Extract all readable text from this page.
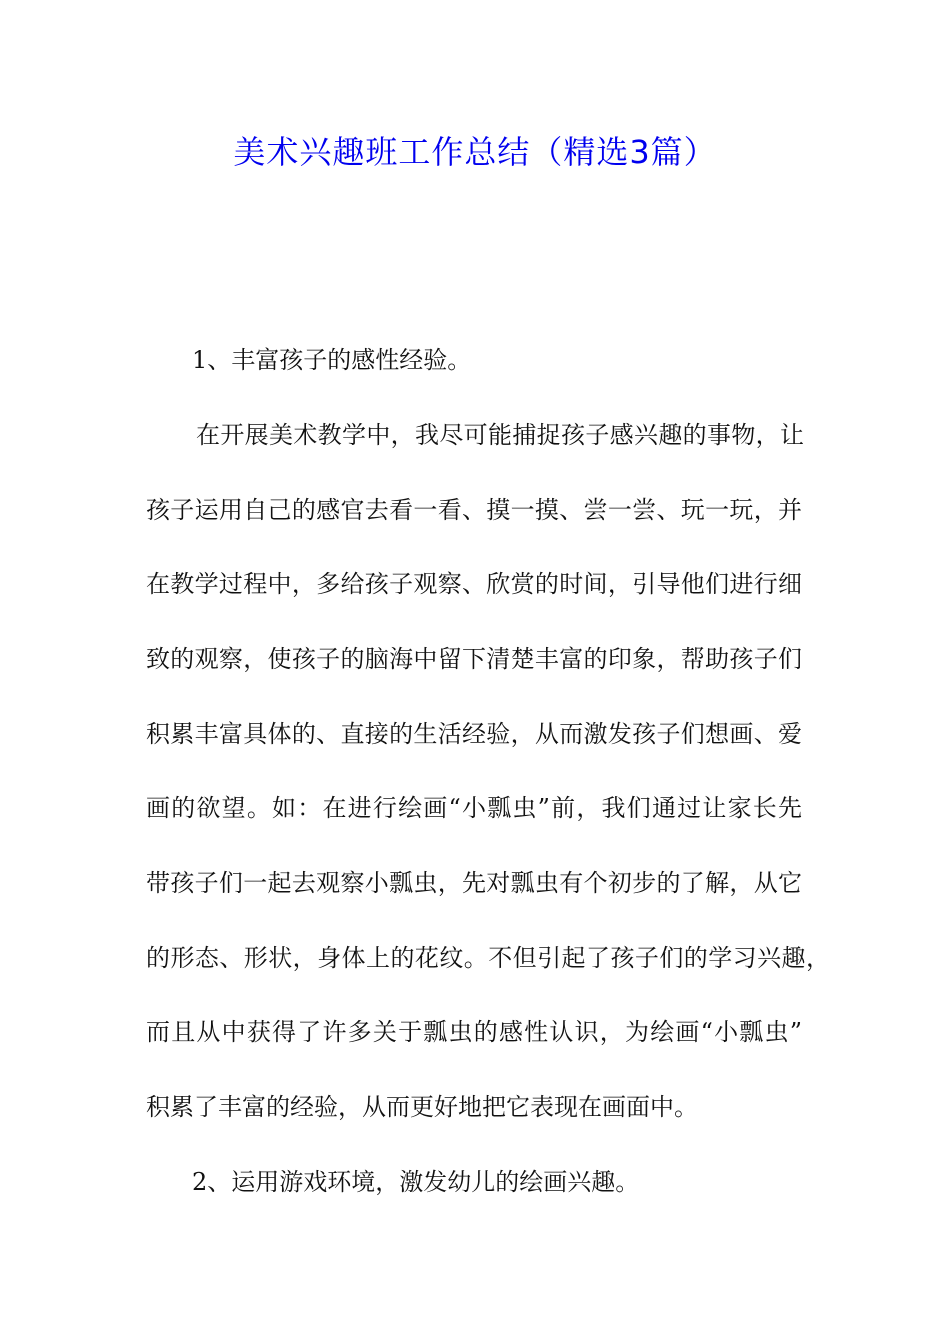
美术兴趣班工作总结（精选3篇）
1、丰富孩子的感性经验。
在开展美术教学中，我尽可能捕捉孩子感兴趣的事物，让
孩子运用自己的感官去看一看、摸一摸、尝一尝、玩一玩，并
在教学过程中，多给孩子观察、欣赏的时间，引导他们进行细
致的观察，使孩子的脑海中留下清楚丰富的印象，帮助孩子们
积累丰富具体的、直接的生活经验，从而激发孩子们想画、爱
画的欲望。如：在进行绘画“小瓢虫”前，我们通过让家长先
带孩子们一起去观察小瓢虫，先对瓢虫有个初步的了解，从它
的形态、形状，身体上的花纹。不但引起了孩子们的学习兴趣，
而且从中获得了许多关于瓢虫的感性认识，为绘画“小瓢虫”
积累了丰富的经验，从而更好地把它表现在画面中。
2、运用游戏环境，激发幼儿的绘画兴趣。
